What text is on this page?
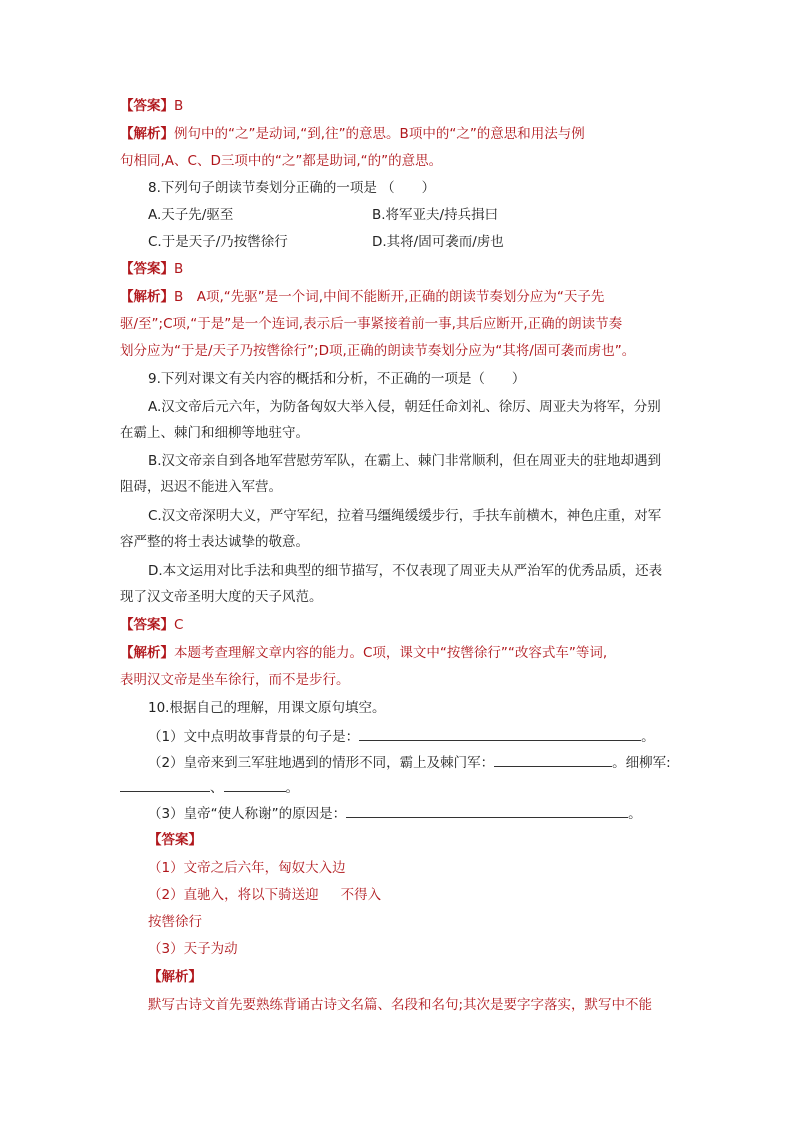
【答案】B
【解析】例句中的“之”是动词,“到,往”的意思。B项中的“之”的意思和用法与例
句相同,A、C、D三项中的“之”都是助词,“的”的意思。
8.下列句子朗读节奏划分正确的一项是 （　　）
A.天子先/驱至	B.将军亚夫/持兵揖曰
C.于是天子/乃按辔徐行	D.其将/固可袭而/虏也
【答案】B
【解析】B　A项,“先驱”是一个词,中间不能断开,正确的朗读节奏划分应为“天子先
驱/至”;C项,“于是”是一个连词,表示后一事紧接着前一事,其后应断开,正确的朗读节奏
划分应为“于是/天子乃按辔徐行”;D项,正确的朗读节奏划分应为“其将/固可袭而虏也”。
9.下列对课文有关内容的概括和分析，不正确的一项是（　　）
A.汉文帝后元六年，为防备匈奴大举入侵，朝廷任命刘礼、徐厉、周亚夫为将军，分别
在霸上、棘门和细柳等地驻守。
B.汉文帝亲自到各地军营慰劳军队，在霸上、棘门非常顺利，但在周亚夫的驻地却遇到
阻碍，迟迟不能进入军营。
C.汉文帝深明大义，严守军纪，拉着马缰绳缓缓步行，手扶车前横木，神色庄重，对军
容严整的将士表达诚挚的敬意。
D.本文运用对比手法和典型的细节描写，不仅表现了周亚夫从严治军的优秀品质，还表
现了汉文帝圣明大度的天子风范。
【答案】C
【解析】本题考查理解文章内容的能力。C项，课文中“按辔徐行”“改容式车”等词,
表明汉文帝是坐车徐行，而不是步行。
10.根据自己的理解，用课文原句填空。
（1）文中点明故事背景的句子是：	。
（2）皇帝来到三军驻地遇到的情形不同，霸上及棘门军：	。细柳军:
、	。
（3）皇帝“使人称谢”的原因是：	。
【答案】
（1）文帝之后六年，匈奴大入边
（2）直驰入，将以下骑送迎 不得入
按辔徐行
（3）天子为动
【解析】
默写古诗文首先要熟练背诵古诗文名篇、名段和名句;其次是要字字落实，默写中不能
